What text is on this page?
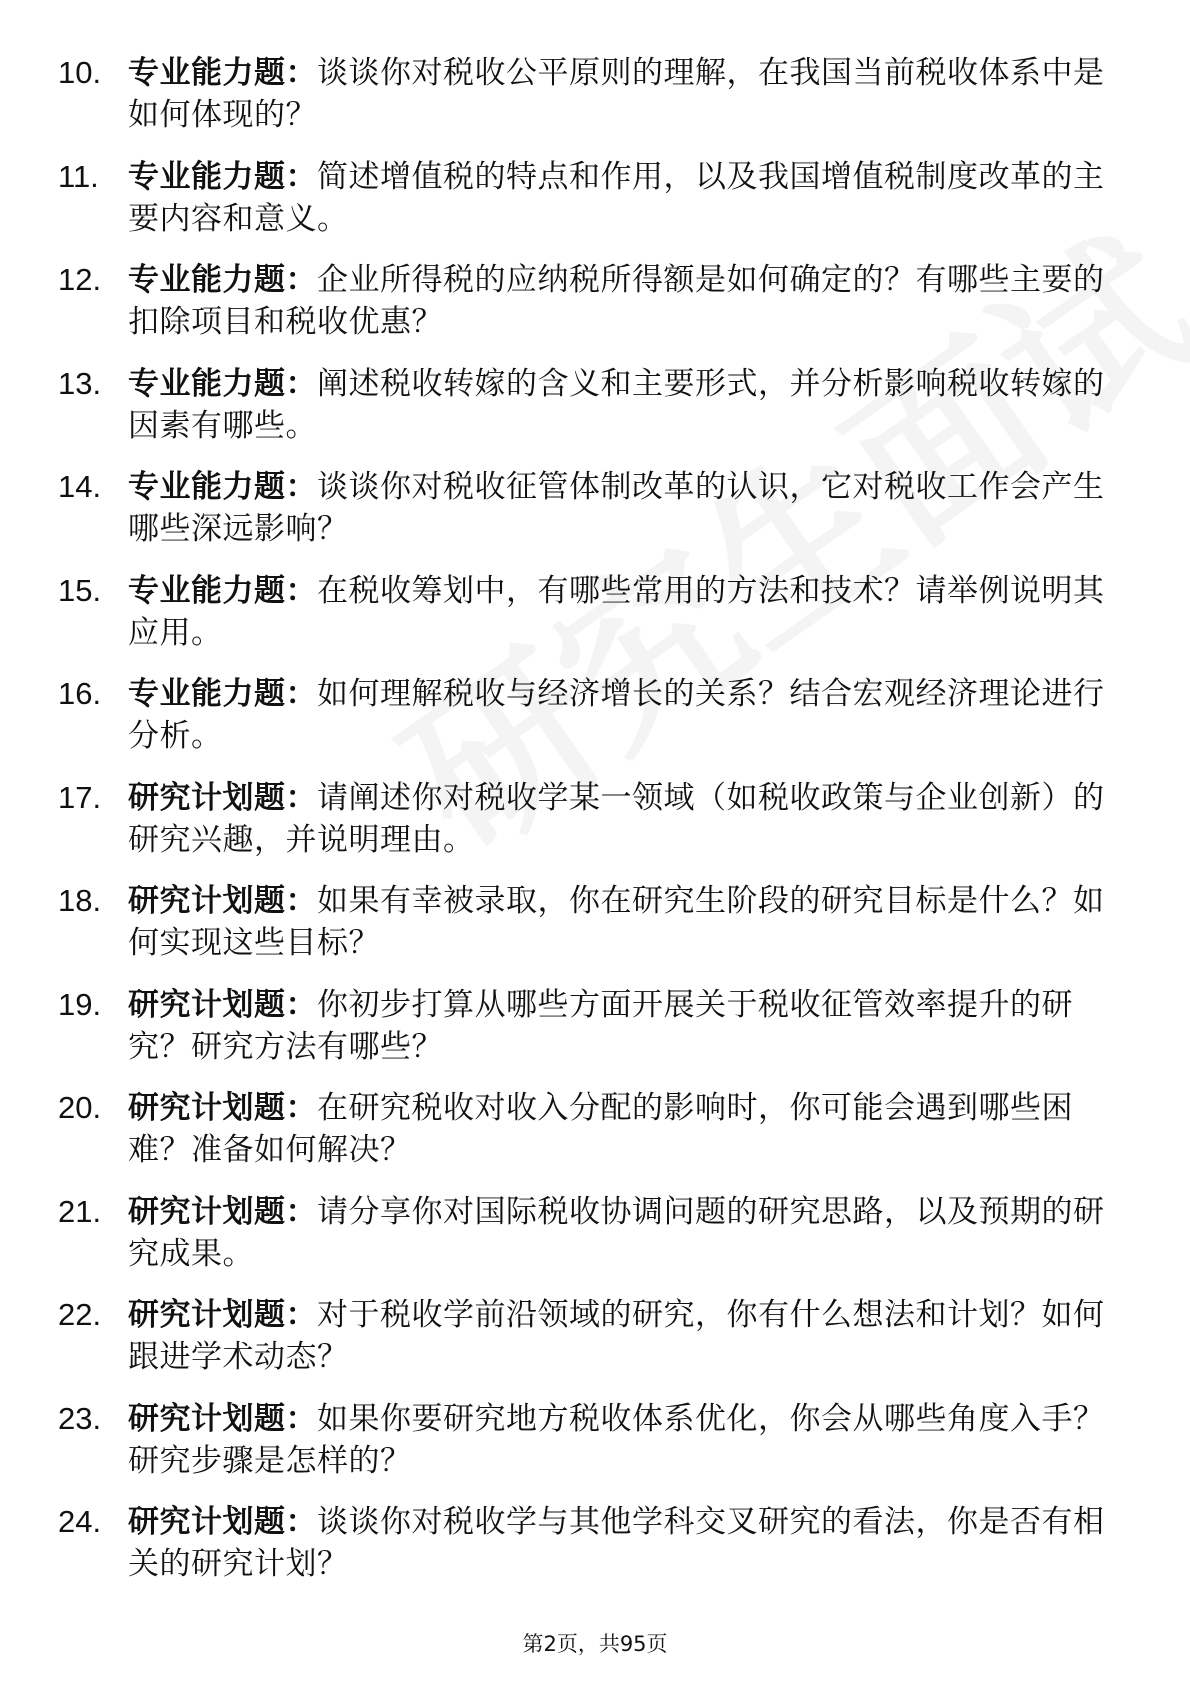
10. 专业能力题：谈谈你对税收公平原则的理解，在我国当前税收体系中是如何体现的？
11. 专业能力题：简述增值税的特点和作用，以及我国增值税制度改革的主要内容和意义。
12. 专业能力题：企业所得税的应纳税所得额是如何确定的？有哪些主要的扣除项目和税收优惠？
13. 专业能力题：阐述税收转嫁的含义和主要形式，并分析影响税收转嫁的因素有哪些。
14. 专业能力题：谈谈你对税收征管体制改革的认识，它对税收工作会产生哪些深远影响？
15. 专业能力题：在税收筹划中，有哪些常用的方法和技术？请举例说明其应用。
16. 专业能力题：如何理解税收与经济增长的关系？结合宏观经济理论进行分析。
17. 研究计划题：请阐述你对税收学某一领域（如税收政策与企业创新）的研究兴趣，并说明理由。
18. 研究计划题：如果有幸被录取，你在研究生阶段的研究目标是什么？如何实现这些目标？
19. 研究计划题：你初步打算从哪些方面开展关于税收征管效率提升的研究？研究方法有哪些？
20. 研究计划题：在研究税收对收入分配的影响时，你可能会遇到哪些困难？准备如何解决？
21. 研究计划题：请分享你对国际税收协调问题的研究思路，以及预期的研究成果。
22. 研究计划题：对于税收学前沿领域的研究，你有什么想法和计划？如何跟进学术动态？
23. 研究计划题：如果你要研究地方税收体系优化，你会从哪些角度入手？研究步骤是怎样的？
24. 研究计划题：谈谈你对税收学与其他学科交叉研究的看法，你是否有相关的研究计划？
第2页，共95页
